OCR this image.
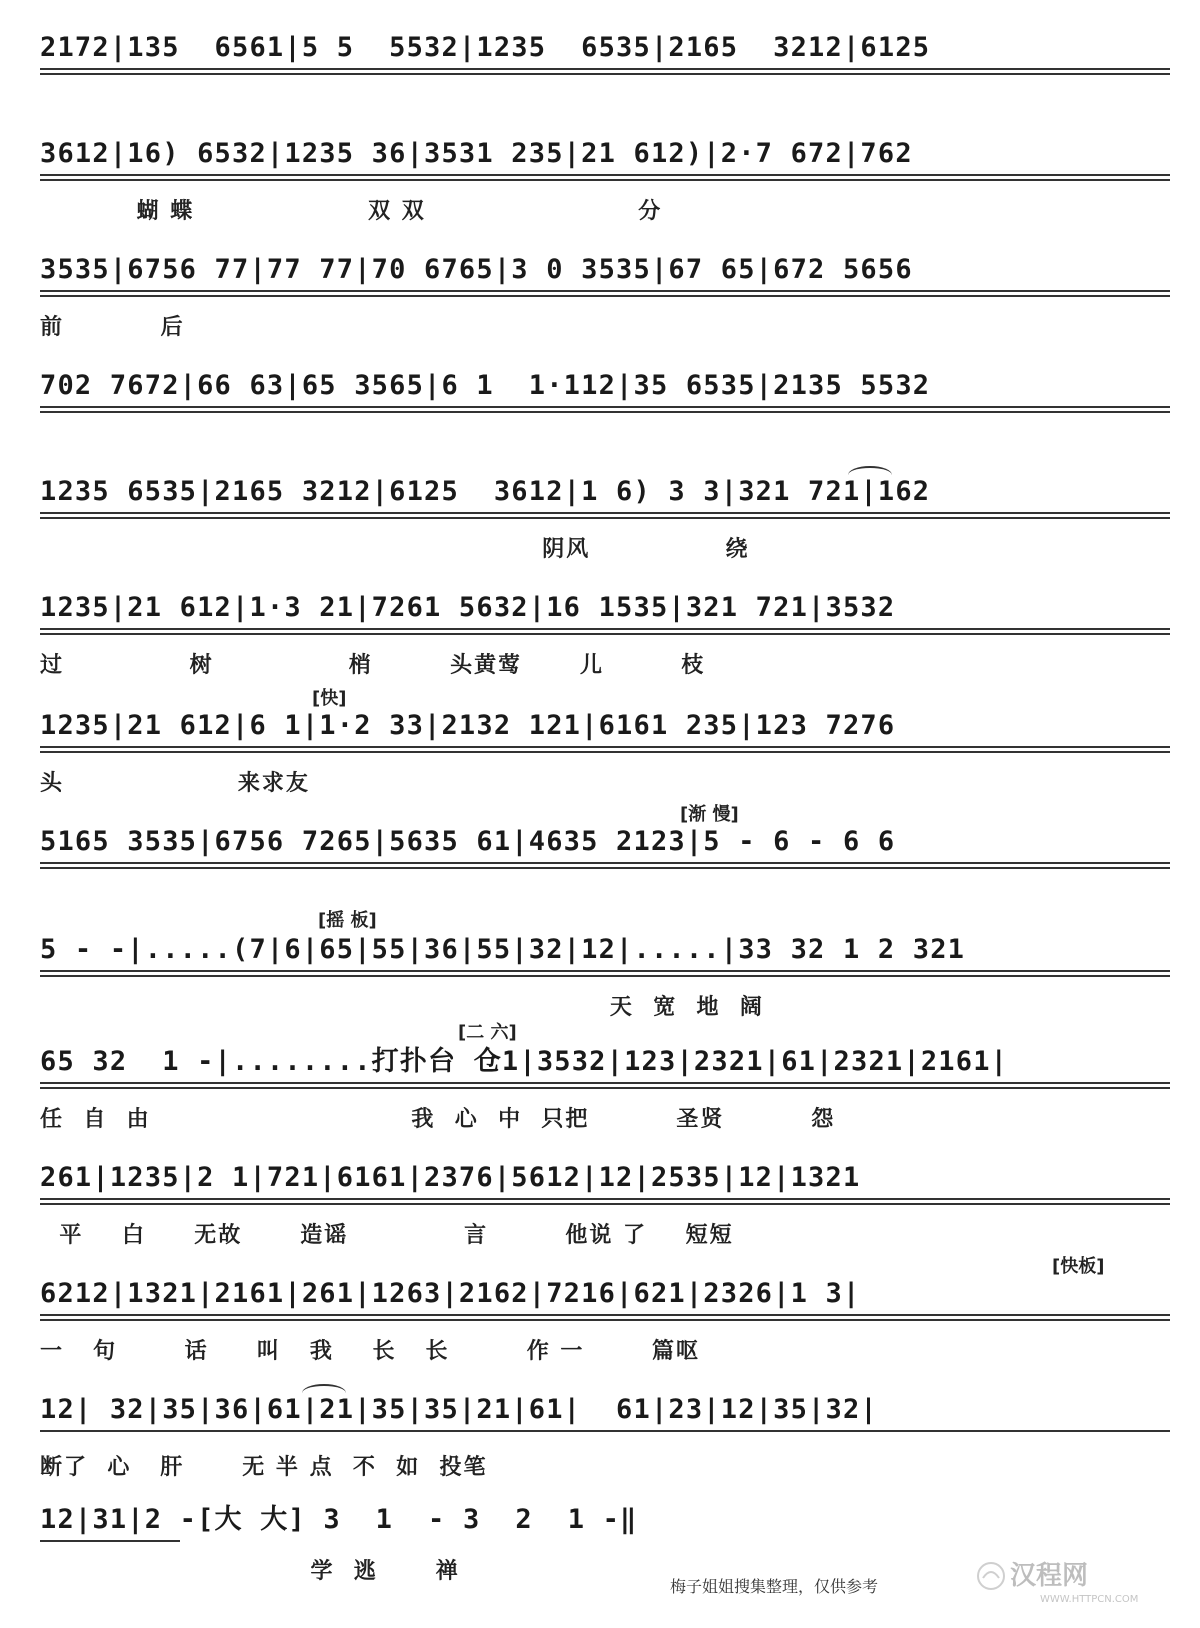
2172|135  6561|5 5  5532|1235  6535|2165  3212|6125
3612|16) 6532|1235 36|3531 235|21 612)|2·7 672|762
蝴 蝶                  双 双                      分
3535|6756 77|77 77|70 6765|3 0 3535|67 65|672 5656
前          后
702 7672|66 63|65 3565|6 1  1·112|35 6535|2135 5532
1235 6535|2165 3212|6125  3612|1 6) 3 3|321 721|162
阴风              绕
1235|21 612|1·3 21|7261 5632|16 1535|321 721|3532
过             树              梢        头黄莺      儿        枝
[快]
1235|21 612|6 1|1·2 33|2132 121|6161 235|123 7276
头                  来求友
[渐 慢]
5165 3535|6756 7265|5635 61|4635 2123|5 - 6 - 6 6
[摇 板]
5 - -|.....(7|6|65|55|36|55|32|12|.....|33 32 1 2 321
天  宽  地  阔
[二 六]
65 32  1 -|........打扑台 仓1|3532|123|2321|61|2321|2161|
任  自  由                           我  心  中  只把         圣贤         怨
261|1235|2 1|721|6161|2376|5612|12|2535|12|1321
平    白     无故      造谣            言        他说 了    短短
[快板]
6212|1321|2161|261|1263|2162|7216|621|2326|1 3|
一   句       话     叫   我    长   长        作 一       篇呕
12| 32|35|36|61|21|35|35|21|61|  61|23|12|35|32|
断了  心   肝      无 半 点  不  如  投笔
12|31|2 -[大 大] 3  1  - 3  2  1 -‖
学  逃      禅
梅子姐姐搜集整理，仅供参考	汉程网
WWW.HTTPCN.COM
